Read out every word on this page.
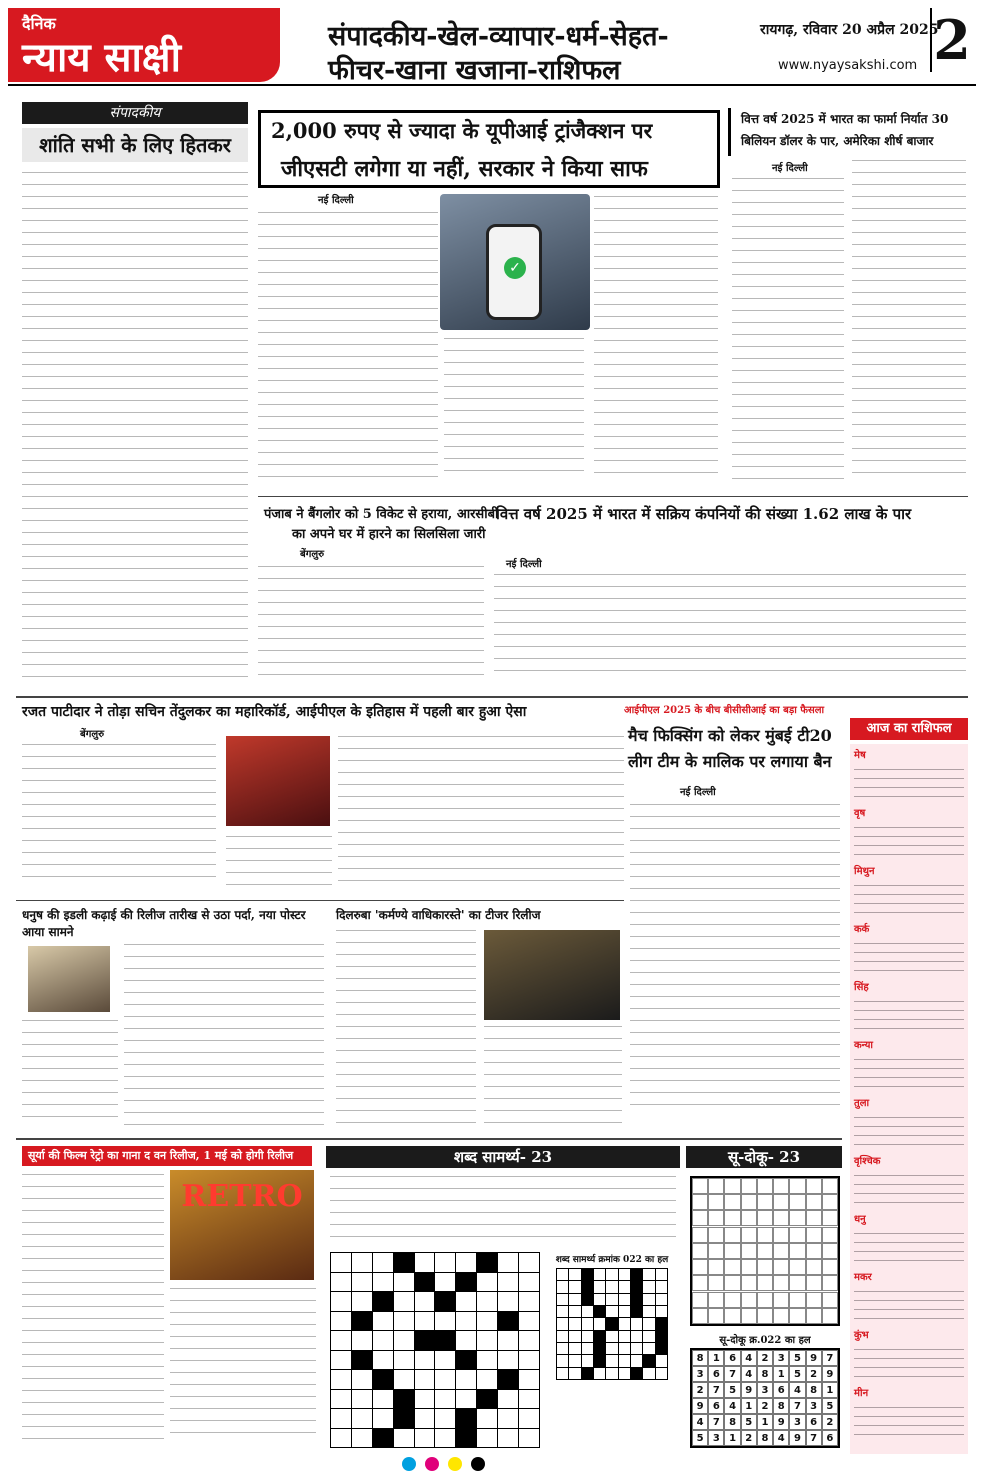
दैनिक
न्याय साक्षी	संपादकीय-खेल-व्यापार-धर्म-सेहत-
फीचर-खाना खजाना-राशिफल
रायगढ़, रविवार 20 अप्रैल 2025
www.nyaysakshi.com 2
संपादकीय
शांति सभी के लिए हितकर
2,000 रुपए से ज्यादा के यूपीआई ट्रांजैक्शन पर
जीएसटी लगेगा या नहीं, सरकार ने किया साफ
नई दिल्ली
✓
वित्त वर्ष 2025 में भारत का फार्मा निर्यात 30
बिलियन डॉलर के पार, अमेरिका शीर्ष बाजार
नई दिल्ली
पंजाब ने बैंगलोर को 5 विकेट से हराया, आरसीबी
का अपने घर में हारने का सिलसिला जारी
बेंगलुरु
वित्त वर्ष 2025 में भारत में सक्रिय कंपनियों की संख्या 1.62 लाख के पार
नई दिल्ली
रजत पाटीदार ने तोड़ा सचिन तेंदुलकर का महारिकॉर्ड, आईपीएल के इतिहास में पहली बार हुआ ऐसा
बेंगलुरु
आईपीएल 2025 के बीच बीसीसीआई का बड़ा फैसला
मैच फिक्सिंग को लेकर मुंबई टी20
लीग टीम के मालिक पर लगाया बैन
नई दिल्ली
आज का राशिफल
मेष
वृष
मिथुन
कर्क
सिंह
कन्या
तुला
वृश्चिक
धनु
मकर
कुंभ
मीन
धनुष की इडली कढ़ाई की रिलीज तारीख से उठा पर्दा, नया पोस्टर आया सामने
दिलरुबा 'कर्मण्ये वाधिकारस्ते' का टीजर रिलीज
सूर्या की फिल्म रेट्रो का गाना द वन रिलीज, 1 मई को होगी रिलीज
RETRO
शब्द सामर्थ्य- 23
शब्द सामर्थ्य क्रमांक 022 का हल
सू-दोकू- 23
सू-दोकू क्र.022 का हल
8 1 6 4 2 3 5 9 7
3 6 7 4 8 1 5 2 9
2 7 5 9 3 6 4 8 1
9 6 4 1 2 8 7 3 5
4 7 8 5 1 9 3 6 2
5 3 1 2 8 4 9 7 6
